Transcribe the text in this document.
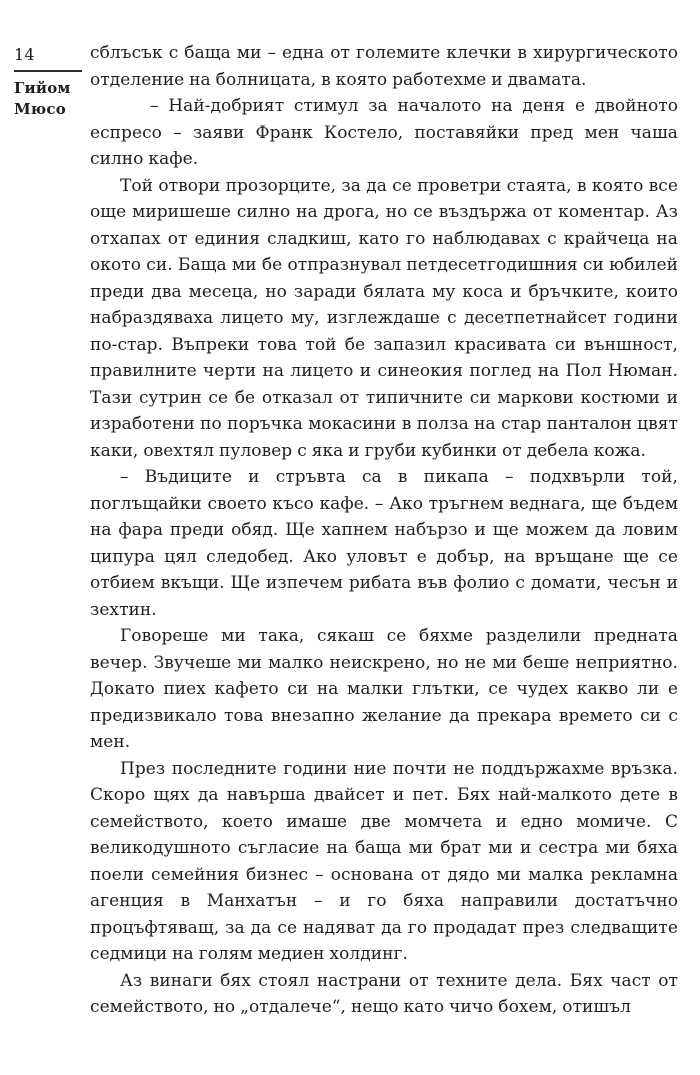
14
Гийом
Мюсо

сблъсък с баща ми – една от големите клечки в хирургическото отделение на болницата, в която работехме и двамата.

– Най-добрият стимул за началото на деня е двойното еспресо – заяви Франк Костело, поставяйки пред мен чаша силно кафе.

Той отвори прозорците, за да се проветри стаята, в която все още миришеше силно на дрога, но се въздържа от коментар. Аз отхапах от единия сладкиш, като го наблюдавах с крайчеца на окото си. Баща ми бе отпразнувал петдесетгодишния си юбилей преди два месеца, но заради бялата му коса и бръчките, които набраздяваха лицето му, изглеждаше с десетпетнайсет години по-стар. Въпреки това той бе запазил красивата си външност, правилните черти на лицето и синеокия поглед на Пол Нюман. Тази сутрин се бе отказал от типичните си маркови костюми и изработени по поръчка мокасини в полза на стар панталон цвят каки, овехтял пуловер с яка и груби кубинки от дебела кожа.

– Въдиците и стръвта са в пикапа – подхвърли той, поглъщайки своето късо кафе. – Ако тръгнем веднага, ще бъдем на фара преди обяд. Ще хапнем набързо и ще можем да ловим ципура цял следобед. Ако уловът е добър, на връщане ще се отбием вкъщи. Ще изпечем рибата във фолио с домати, чесън и зехтин.

Говореше ми така, сякаш се бяхме разделили предната вечер. Звучеше ми малко неискрено, но не ми беше неприятно. Докато пиех кафето си на малки глътки, се чудех какво ли е предизвикало това внезапно желание да прекара времето си с мен.

През последните години ние почти не поддържахме връзка. Скоро щях да навърша двайсет и пет. Бях най-малкото дете в семейството, което имаше две момчета и едно момиче. С великодушното съгласие на баща ми брат ми и сестра ми бяха поели семейния бизнес – основана от дядо ми малка рекламна агенция в Манхатън – и го бяха направили достатъчно процъфтяващ, за да се надяват да го продадат през следващите седмици на голям медиен холдинг.

Аз винаги бях стоял настрани от техните дела. Бях част от семейството, но „отдалече“, нещо като чичо бохем, отишъл
